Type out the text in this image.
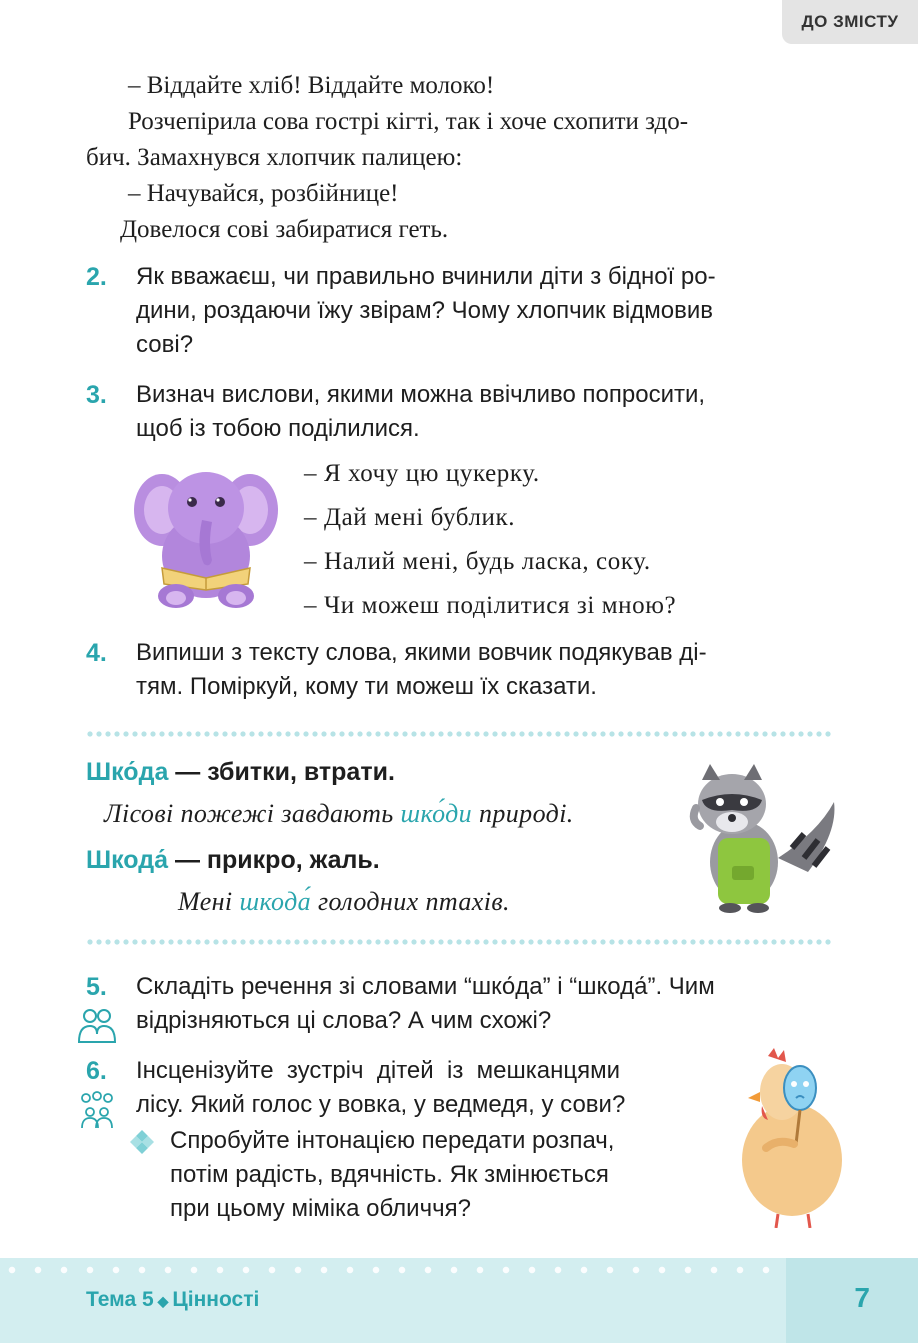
ДО ЗМІСТУ

– Віддайте хліб! Віддайте молоко!

Розчепірила сова гострі кігті, так і хоче схопити здо-

бич. Замахнувся хлопчик палицею:

– Начувайся, розбійнице!

Довелося сові забиратися геть.

2. Як вважаєш, чи правильно вчинили діти з бідної ро-
дини, роздаючи їжу звірам? Чому хлопчик відмовив
сові?
3. Визнач вислови, якими можна ввічливо попросити,
щоб із тобою поділилися.
– Я хочу цю цукерку.
– Дай мені бублик.
– Налий мені, будь ласка, соку.
– Чи можеш поділитися зі мною?
4. Випиши з тексту слова, якими вовчик подякував ді-
тям. Поміркуй, кому ти можеш їх сказати.
Шко́да — збитки, втрати.
Лісові пожежі завдають шко́ди природі.
Шкода́ — прикро, жаль.
Мені шкода́ голодних птахів.
5. Складіть речення зі словами “шко́да” і “шкода́”. Чим
відрізняються ці слова? А чим схожі?
6. Інсценізуйте  зустріч  дітей  із  мешканцями
лісу. Який голос у вовка, у ведмедя, у сови?
Спробуйте інтонацією передати розпач,
потім радість, вдячність. Як змінюється
при цьому міміка обличчя?
Тема 5 ◆ Цінності	7
